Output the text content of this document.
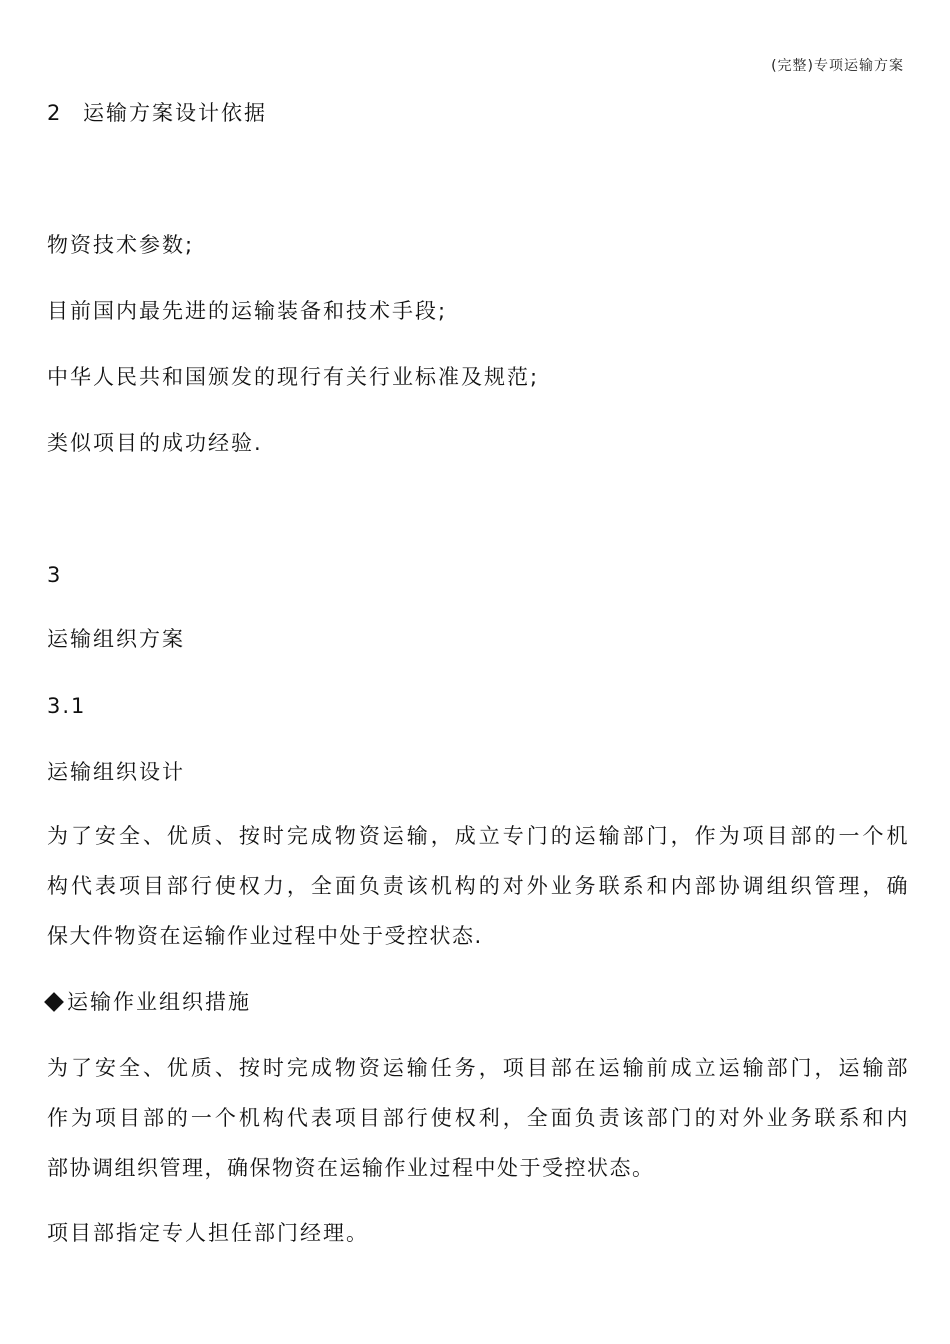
(完整)专项运输方案
2 运输方案设计依据
物资技术参数;
目前国内最先进的运输装备和技术手段;
中华人民共和国颁发的现行有关行业标准及规范;
类似项目的成功经验.
3
运输组织方案
3.1
运输组织设计
为了安全、优质、按时完成物资运输，成立专门的运输部门，作为项目部的一个机
构代表项目部行使权力，全面负责该机构的对外业务联系和内部协调组织管理，确
保大件物资在运输作业过程中处于受控状态.
运输作业组织措施
为了安全、优质、按时完成物资运输任务，项目部在运输前成立运输部门，运输部
作为项目部的一个机构代表项目部行使权利，全面负责该部门的对外业务联系和内
部协调组织管理，确保物资在运输作业过程中处于受控状态。
项目部指定专人担任部门经理。
